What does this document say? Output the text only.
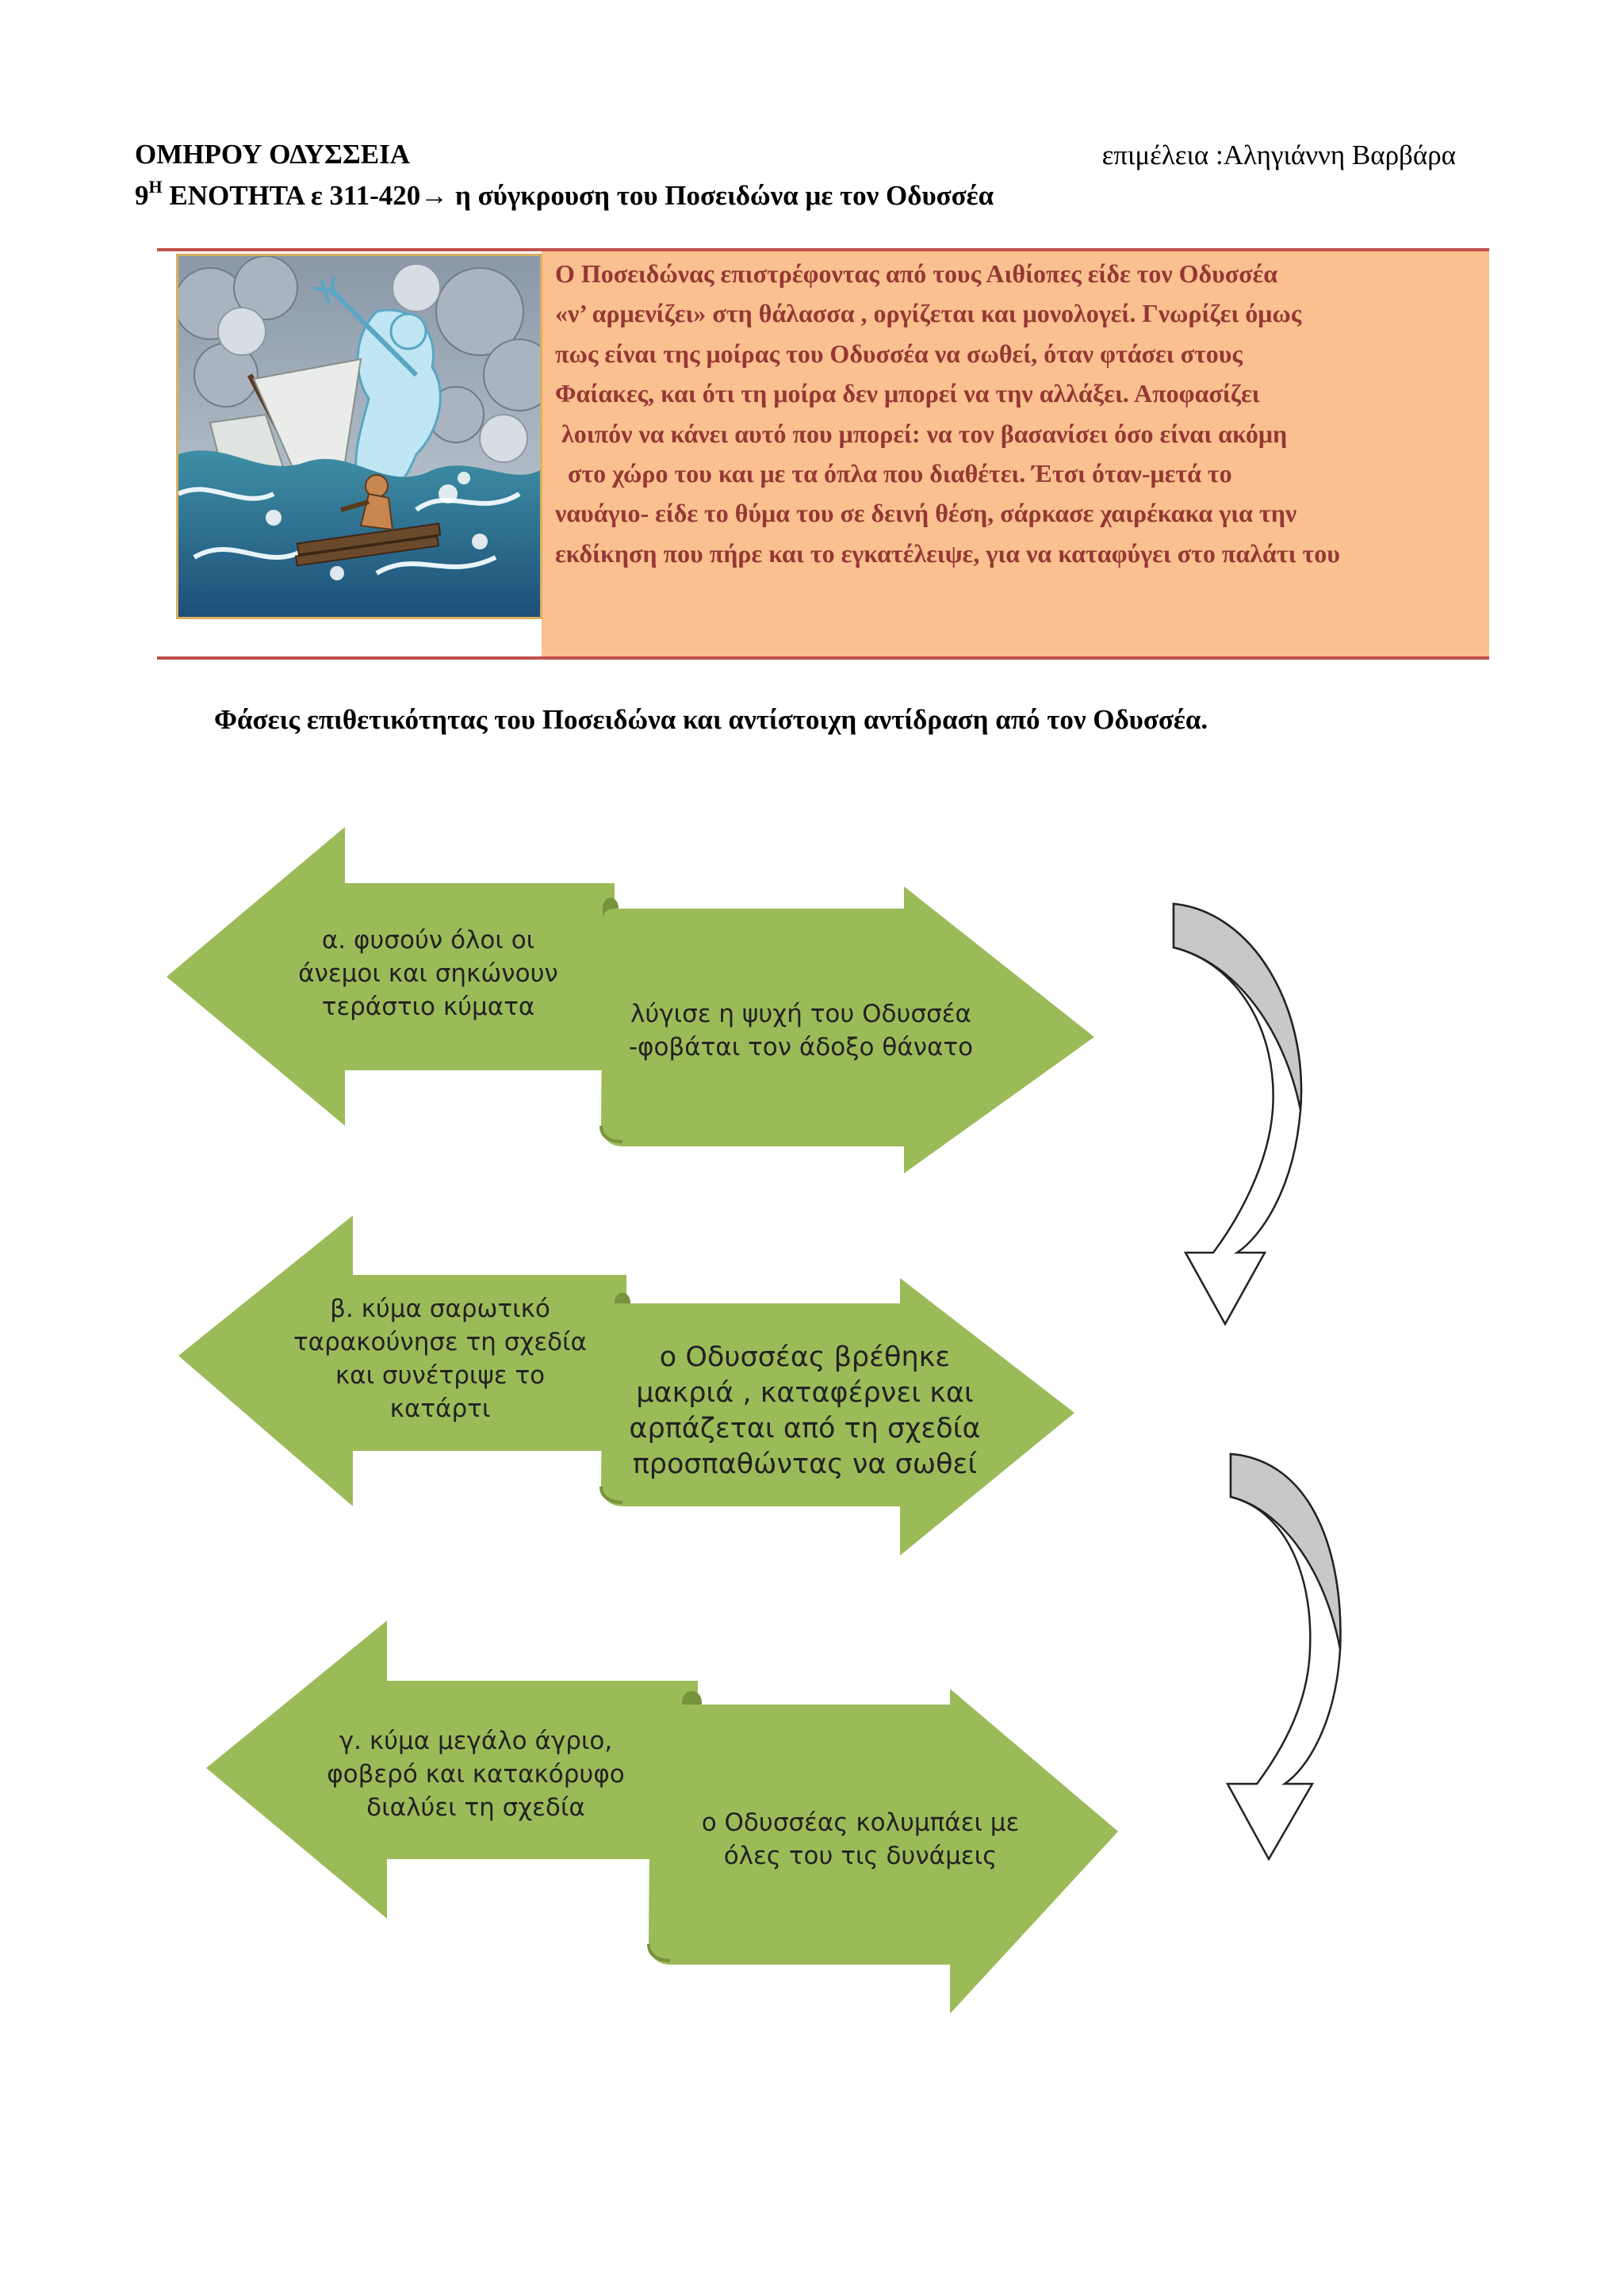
ΟΜΗΡΟΥ ΟΔΥΣΣΕΙΑ	επιμέλεια :Αληγιάννη Βαρβάρα
$9^H$ ΕΝΟΤΗΤΑ ε 311-420→ η σύγκρουση του Ποσειδώνα με τον Οδυσσέα
Ο Ποσειδώνας επιστρέφοντας από τους Αιθίοπες είδε τον Οδυσσέα
«ν’ αρμενίζει» στη θάλασσα , οργίζεται και μονολογεί. Γνωρίζει όμως
πως είναι της μοίρας του Οδυσσέα να σωθεί, όταν φτάσει στους
Φαίακες, και ότι τη μοίρα δεν μπορεί να την αλλάξει. Αποφασίζει
λοιπόν να κάνει αυτό που μπορεί: να τον βασανίσει όσο είναι ακόμη
στο χώρο του και με τα όπλα που διαθέτει. Έτσι όταν-μετά το
ναυάγιο- είδε το θύμα του σε δεινή θέση, σάρκασε χαιρέκακα για την
εκδίκηση που πήρε και το εγκατέλειψε, για να καταφύγει στο παλάτι του
Φάσεις επιθετικότητας του Ποσειδώνα και αντίστοιχη αντίδραση από τον Οδυσσέα.
α. φυσούν όλοι οι
άνεμοι και σηκώνουν
τεράστιο κύματα	λύγισε η ψυχή του Οδυσσέα
-φοβάται τον άδοξο θάνατο
β. κύμα σαρωτικό
ταρακούνησε τη σχεδία
και συνέτριψε το
κατάρτι
ο Οδυσσέας βρέθηκε
μακριά , καταφέρνει και
αρπάζεται από τη σχεδία
προσπαθώντας να σωθεί
γ. κύμα μεγάλο άγριο,
φοβερό και κατακόρυφο
διαλύει τη σχεδία
ο Οδυσσέας κολυμπάει με
όλες του τις δυνάμεις
